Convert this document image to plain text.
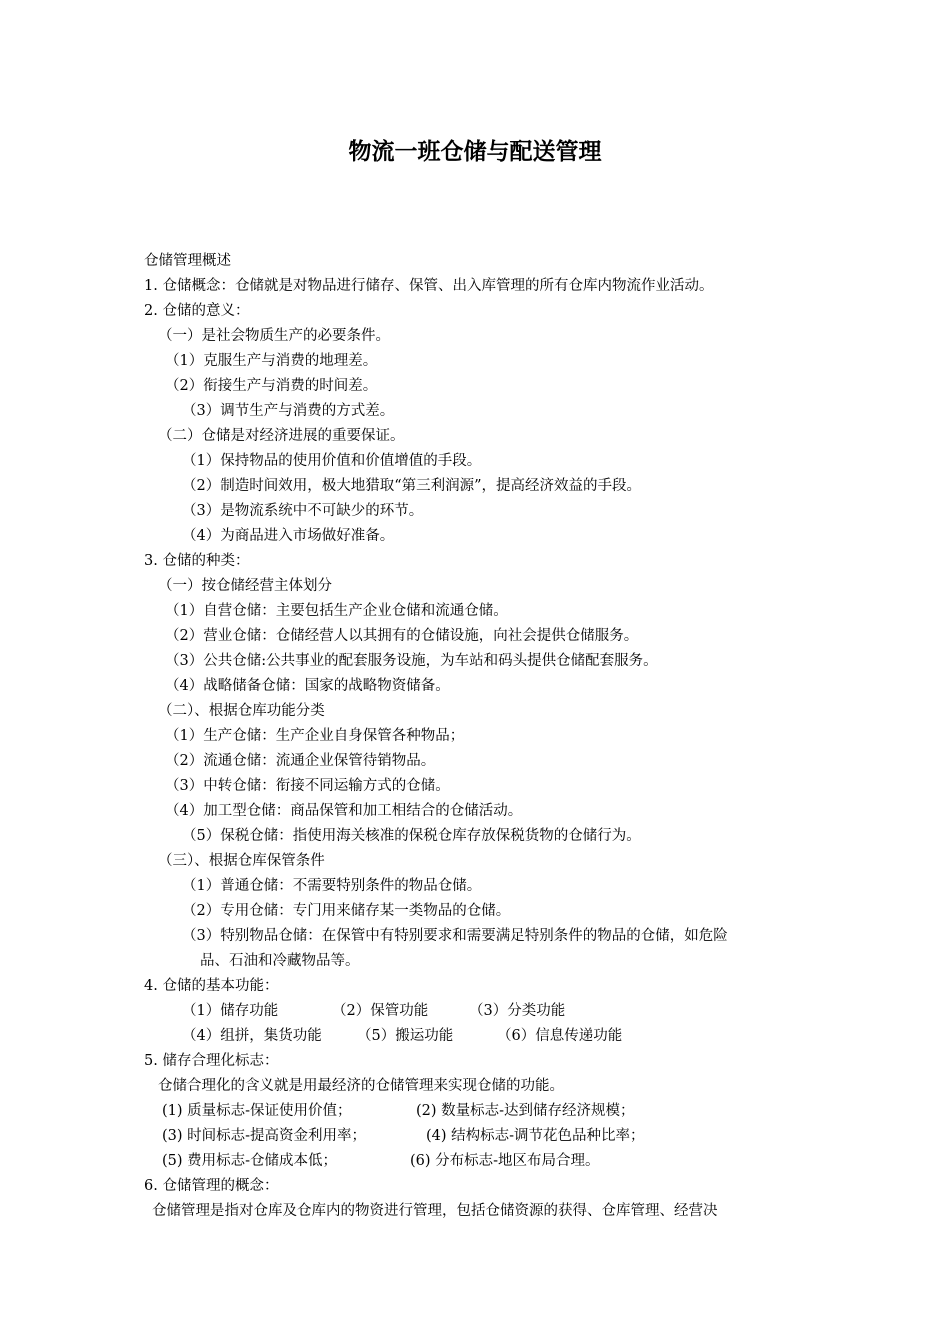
物流一班仓储与配送管理
仓储管理概述
1. 仓储概念：仓储就是对物品进行储存、保管、出入库管理的所有仓库内物流作业活动。
2. 仓储的意义：
（一）是社会物质生产的必要条件。
（1）克服生产与消费的地理差。
（2）衔接生产与消费的时间差。
（3）调节生产与消费的方式差。
（二）仓储是对经济进展的重要保证。
（1）保持物品的使用价值和价值增值的手段。
（2）制造时间效用，极大地猎取“第三利润源”，提高经济效益的手段。
（3）是物流系统中不可缺少的环节。
（4）为商品进入市场做好准备。
3. 仓储的种类：
（一）按仓储经营主体划分
（1）自营仓储：主要包括生产企业仓储和流通仓储。
（2）营业仓储：仓储经营人以其拥有的仓储设施，向社会提供仓储服务。
（3）公共仓储:公共事业的配套服务设施，为车站和码头提供仓储配套服务。
（4）战略储备仓储：国家的战略物资储备。
（二）、根据仓库功能分类
（1）生产仓储：生产企业自身保管各种物品；
（2）流通仓储：流通企业保管待销物品。
（3）中转仓储：衔接不同运输方式的仓储。
（4）加工型仓储：商品保管和加工相结合的仓储活动。
（5）保税仓储：指使用海关核准的保税仓库存放保税货物的仓储行为。
（三）、根据仓库保管条件
（1）普通仓储：不需要特别条件的物品仓储。
（2）专用仓储：专门用来储存某一类物品的仓储。
（3）特别物品仓储：在保管中有特别要求和需要满足特别条件的物品的仓储，如危险
品、石油和冷藏物品等。
4. 仓储的基本功能：
（1）储存功能	（2）保管功能	（3）分类功能
（4）组拼，集货功能	（5）搬运功能	（6）信息传递功能
5. 储存合理化标志：
仓储合理化的含义就是用最经济的仓储管理来实现仓储的功能。
(1) 质量标志-保证使用价值；	(2) 数量标志-达到储存经济规模；
(3) 时间标志-提高资金利用率；	(4) 结构标志-调节花色品种比率；
(5) 费用标志-仓储成本低；	(6) 分布标志-地区布局合理。
6. 仓储管理的概念：
仓储管理是指对仓库及仓库内的物资进行管理，包括仓储资源的获得、仓库管理、经营决
